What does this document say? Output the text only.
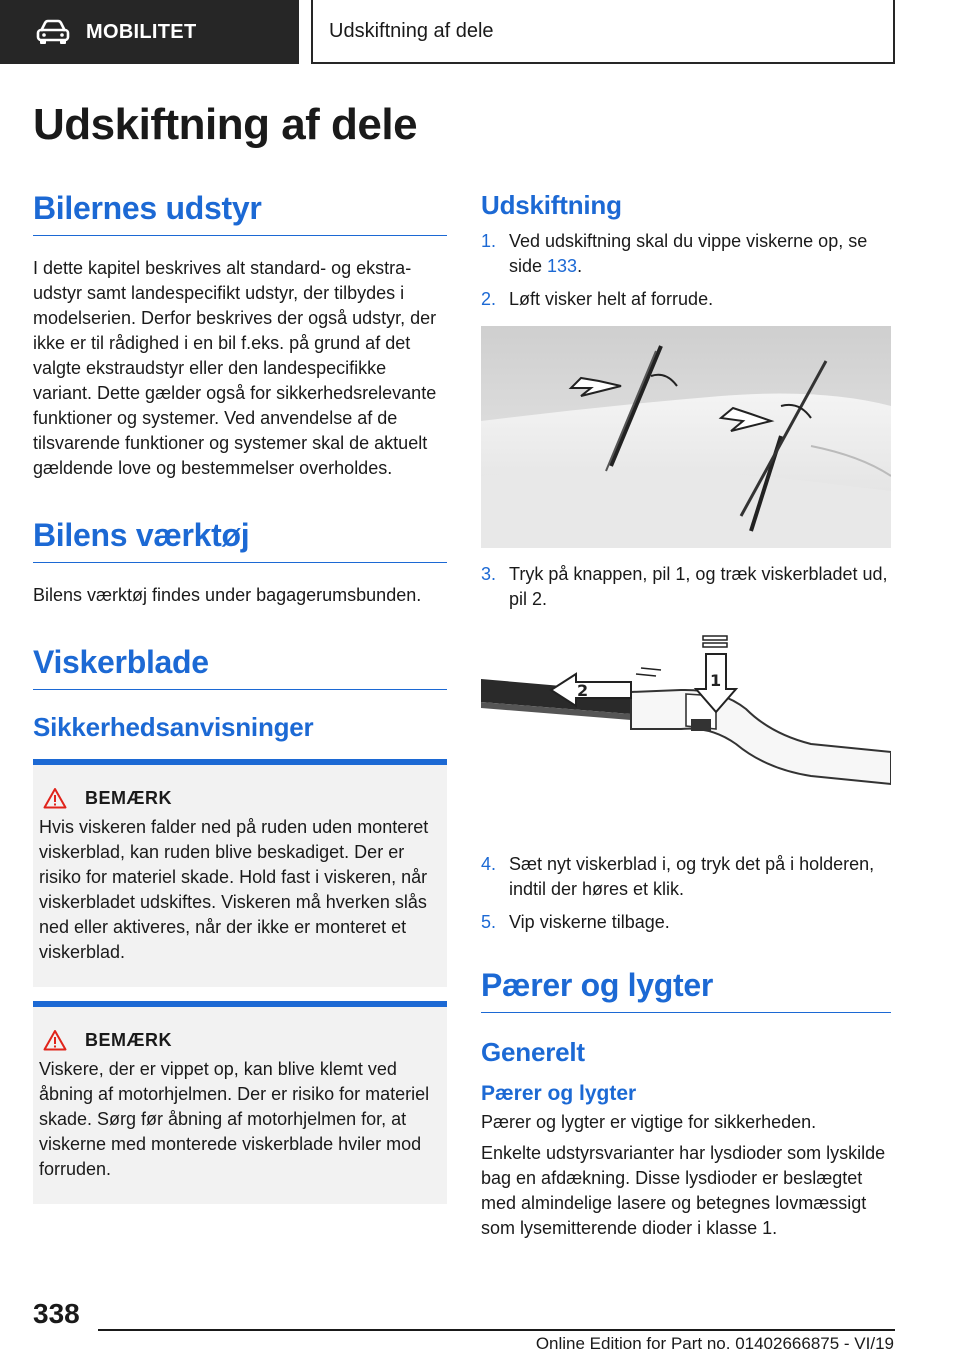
MOBILITET	Udskiftning af dele
Udskiftning af dele
Bilernes udstyr

I dette kapitel beskrives alt standard- og ekstraudstyr samt landespecifikt udstyr, der tilbydes i modelserien. Derfor beskrives der også udstyr, der ikke er til rådighed i en bil f.eks. på grund af det valgte ekstraudstyr eller den landespecifikke variant. Dette gælder også for sikkerhedsrelevante funktioner og systemer. Ved anvendelse af de tilsvarende funktioner og systemer skal de aktuelt gældende love og bestemmelser overholdes.

Bilens værktøj

Bilens værktøj findes under bagagerumsbunden.

Viskerblade
Sikkerhedsanvisninger
BEMÆRK

Hvis viskeren falder ned på ruden uden monteret viskerblad, kan ruden blive beskadiget. Der er risiko for materiel skade. Hold fast i viskeren, når viskerbladet udskiftes. Viskeren må hverken slås ned eller aktiveres, når der ikke er monteret et viskerblad.

BEMÆRK

Viskere, der er vippet op, kan blive klemt ved åbning af motorhjelmen. Der er risiko for materiel skade. Sørg før åbning af motorhjelmen for, at viskerne med monterede viskerblade hviler mod forruden.

Udskiftning
1. Ved udskiftning skal du vippe viskerne op, se side 133.
2. Løft visker helt af forrude.
3. Tryk på knappen, pil 1, og træk viskerbladet ud, pil 2.
1
2
4. Sæt nyt viskerblad i, og tryk det på i holderen, indtil der høres et klik.
5. Vip viskerne tilbage.
Pærer og lygter
Generelt
Pærer og lygter

Pærer og lygter er vigtige for sikkerheden.

Enkelte udstyrsvarianter har lysdioder som lyskilde bag en afdækning. Disse lysdioder er beslægtet med almindelige lasere og betegnes lovmæssigt som lysemitterende dioder i klasse 1.

338
Online Edition for Part no. 01402666875 - VI/19
